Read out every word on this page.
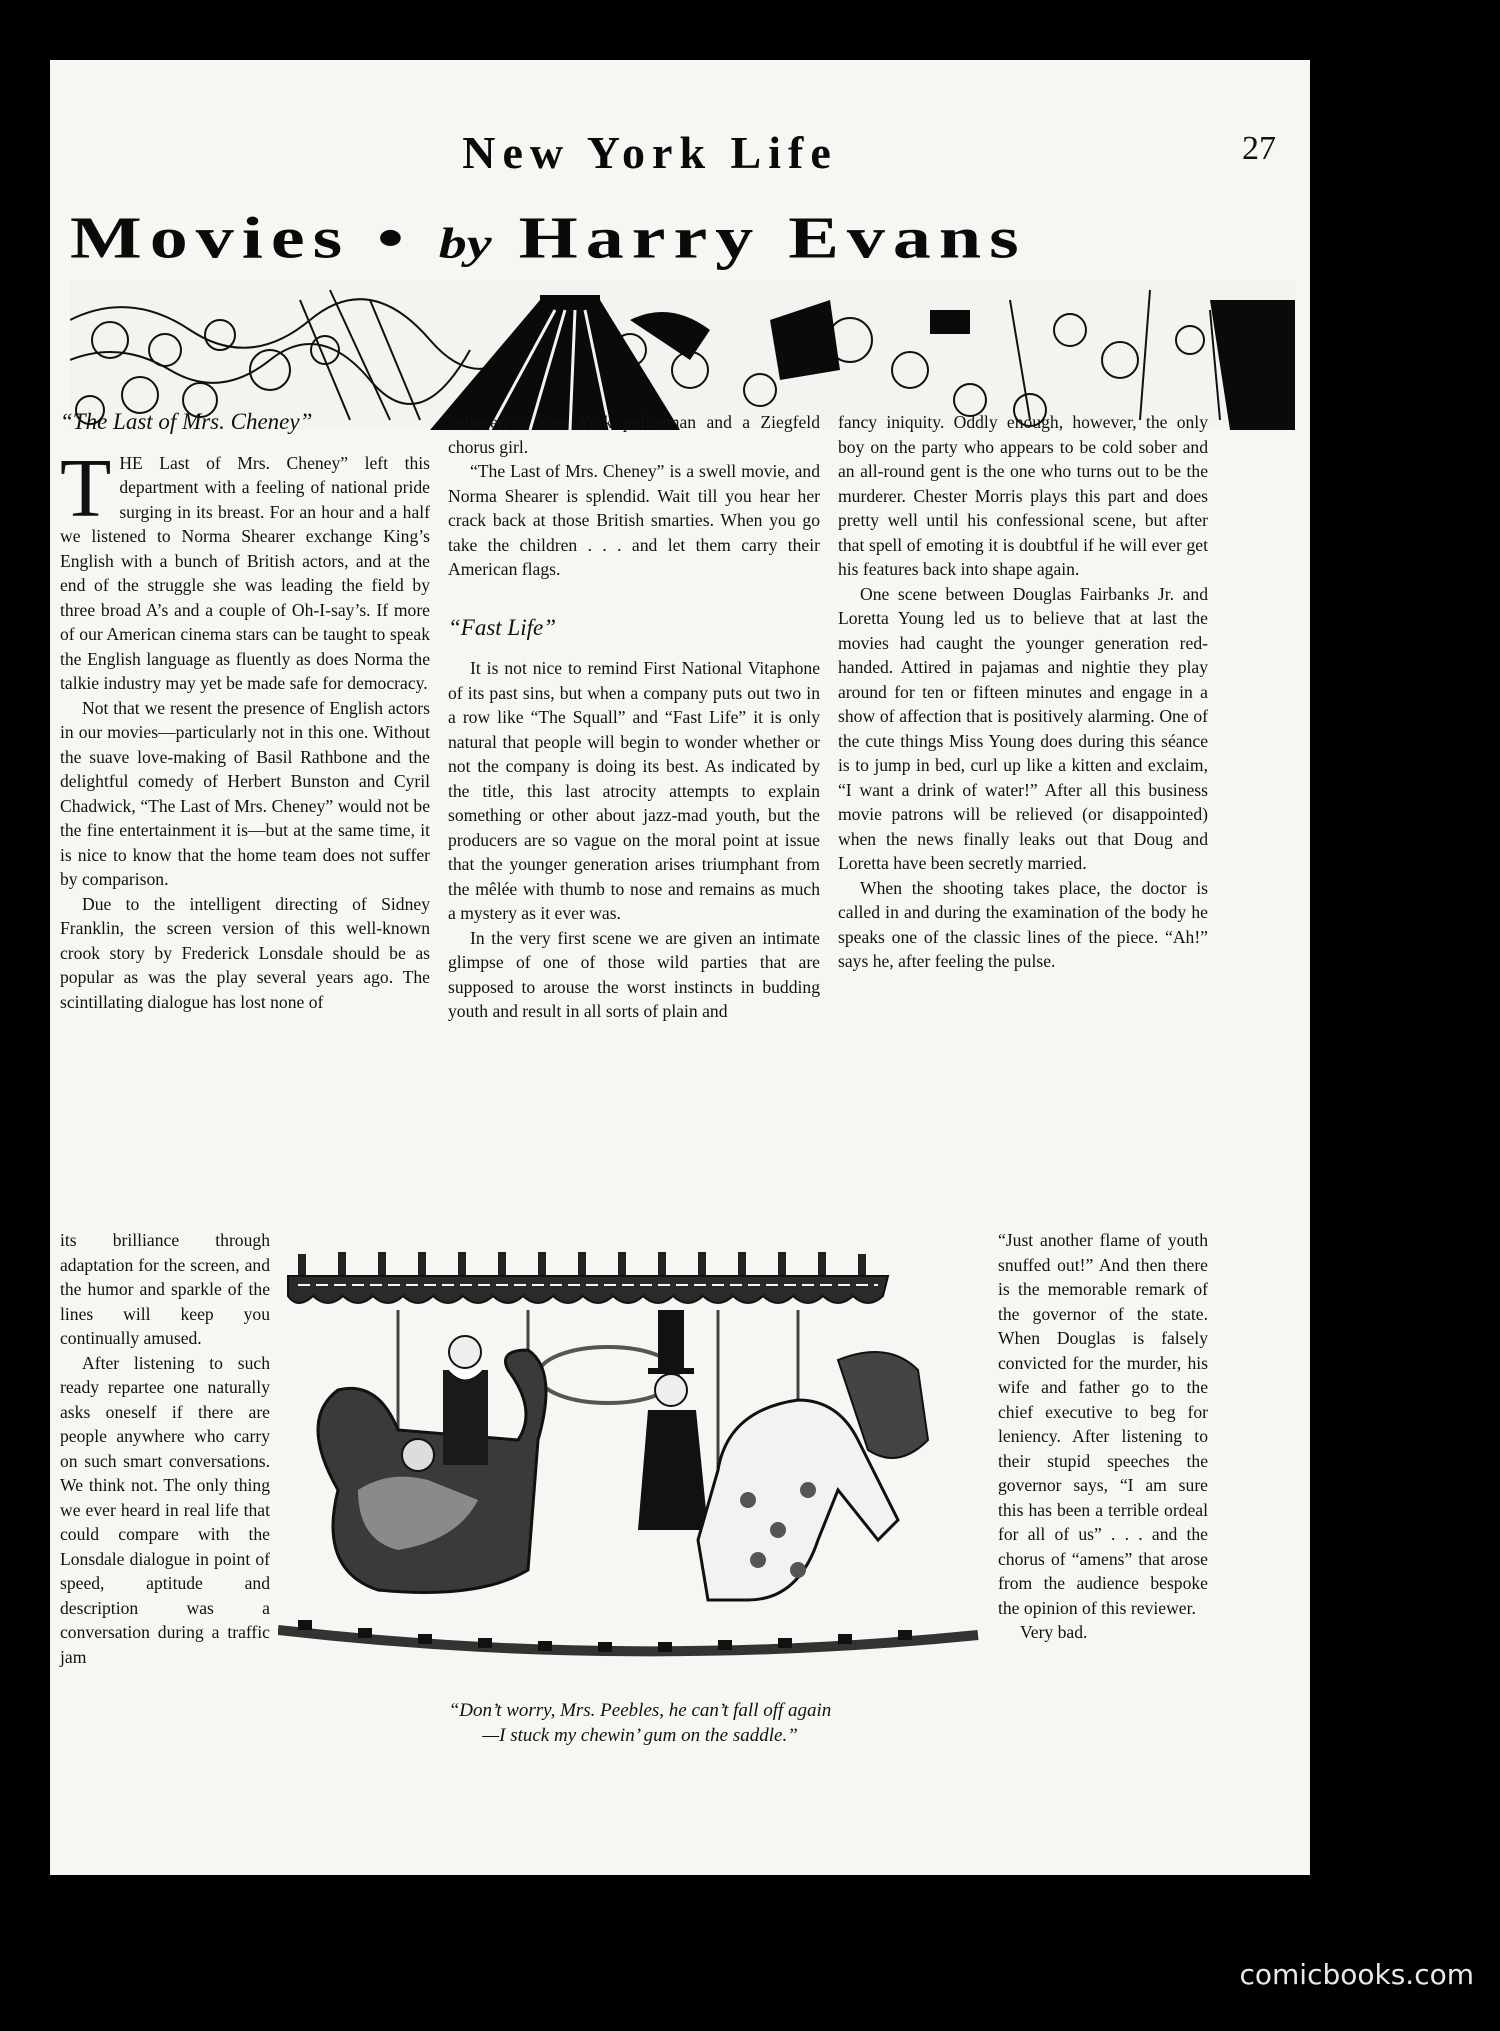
New York Life	27
Movies • by Harry Evans
“The Last of Mrs. Cheney”

THE Last of Mrs. Cheney” left this department with a feeling of national pride surging in its breast. For an hour and a half we listened to Norma Shearer exchange King’s English with a bunch of British actors, and at the end of the struggle she was leading the field by three broad A’s and a couple of Oh-I-say’s. If more of our American cinema stars can be taught to speak the English language as fluently as does Norma the talkie industry may yet be made safe for democracy.

Not that we resent the presence of English actors in our movies—particularly not in this one. Without the suave love-making of Basil Rathbone and the delightful comedy of Herbert Bunston and Cyril Chadwick, “The Last of Mrs. Cheney” would not be the fine entertainment it is—but at the same time, it is nice to know that the home team does not suffer by comparison.

Due to the intelligent directing of Sidney Franklin, the screen version of this well-known crook story by Frederick Lonsdale should be as popular as was the play several years ago. The scintillating dialogue has lost none of

its brilliance through adaptation for the screen, and the humor and sparkle of the lines will keep you continually amused.

After listening to such ready repartee one naturally asks oneself if there are people anywhere who carry on such smart conversations. We think not. The only thing we ever heard in real life that could compare with the Lonsdale dialogue in point of speed, aptitude and description was a conversation during a traffic jam

between a New York policeman and a Ziegfeld chorus girl.

“The Last of Mrs. Cheney” is a swell movie, and Norma Shearer is splendid. Wait till you hear her crack back at those British smarties. When you go take the children . . . and let them carry their American flags.

“Fast Life”

It is not nice to remind First National Vitaphone of its past sins, but when a company puts out two in a row like “The Squall” and “Fast Life” it is only natural that people will begin to wonder whether or not the company is doing its best. As indicated by the title, this last atrocity attempts to explain something or other about jazz-mad youth, but the producers are so vague on the moral point at issue that the younger generation arises triumphant from the mêlée with thumb to nose and remains as much a mystery as it ever was.

In the very first scene we are given an intimate glimpse of one of those wild parties that are supposed to arouse the worst instincts in budding youth and result in all sorts of plain and

fancy iniquity. Oddly enough, however, the only boy on the party who appears to be cold sober and an all-round gent is the one who turns out to be the murderer. Chester Morris plays this part and does pretty well until his confessional scene, but after that spell of emoting it is doubtful if he will ever get his features back into shape again.

One scene between Douglas Fairbanks Jr. and Loretta Young led us to believe that at last the movies had caught the younger generation red-handed. Attired in pajamas and nightie they play around for ten or fifteen minutes and engage in a show of affection that is positively alarming. One of the cute things Miss Young does during this séance is to jump in bed, curl up like a kitten and exclaim, “I want a drink of water!” After all this business movie patrons will be relieved (or disappointed) when the news finally leaks out that Doug and Loretta have been secretly married.

When the shooting takes place, the doctor is called in and during the examination of the body he speaks one of the classic lines of the piece. “Ah!” says he, after feeling the pulse.

“Just another flame of youth snuffed out!” And then there is the memorable remark of the governor of the state. When Douglas is falsely convicted for the murder, his wife and father go to the chief executive to beg for leniency. After listening to their stupid speeches the governor says, “I am sure this has been a terrible ordeal for all of us” . . . and the chorus of “amens” that arose from the audience bespoke the opinion of this reviewer.

Very bad.

“Don’t worry, Mrs. Peebles, he can’t fall off again
—I stuck my chewin’ gum on the saddle.”
comicbooks.com
